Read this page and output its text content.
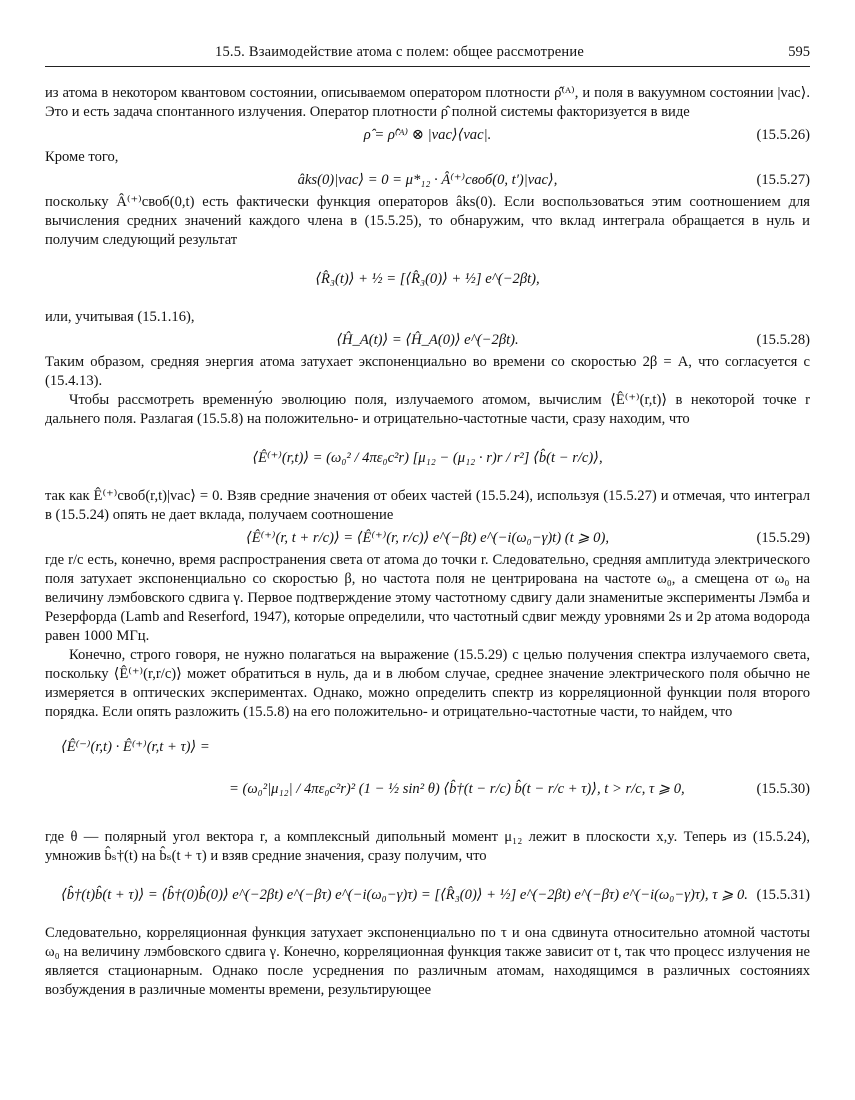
15.5. Взаимодействие атома с полем: общее рассмотрение	595

из атома в некотором квантовом состоянии, описываемом оператором плотности ρ̂⁽ᴬ⁾, и поля в вакуумном состоянии |vac⟩. Это и есть задача спонтанного излучения. Оператор плотности ρ̂ полной системы факторизуется в виде

ρ̂ = ρ̂⁽ᴬ⁾ ⊗ |vac⟩⟨vac|.	(15.5.26)

Кроме того,

âks(0)|vac⟩ = 0 = μ*₁₂ · Â⁽⁺⁾своб(0, t′)|vac⟩,	(15.5.27)

поскольку Â⁽⁺⁾своб(0,t) есть фактически функция операторов âks(0). Если воспользоваться этим соотношением для вычисления средних значений каждого члена в (15.5.25), то обнаружим, что вклад интеграла обращается в нуль и получим следующий результат

⟨R̂₃(t)⟩ + ½ = [⟨R̂₃(0)⟩ + ½] e^(−2βt),

или, учитывая (15.1.16),

⟨Ĥ_A(t)⟩ = ⟨Ĥ_A(0)⟩ e^(−2βt).	(15.5.28)

Таким образом, средняя энергия атома затухает экспоненциально во времени со скоростью 2β = A, что согласуется с (15.4.13).

Чтобы рассмотреть временну́ю эволюцию поля, излучаемого атомом, вычислим ⟨Ê⁽⁺⁾(r,t)⟩ в некоторой точке r дальнего поля. Разлагая (15.5.8) на положительно- и отрицательно-частотные части, сразу находим, что

⟨Ê⁽⁺⁾(r,t)⟩ = (ω₀² / 4πε₀c²r) [μ₁₂ − (μ₁₂ · r)r / r²] ⟨b̂(t − r/c)⟩,

так как Ê⁽⁺⁾своб(r,t)|vac⟩ = 0. Взяв средние значения от обеих частей (15.5.24), используя (15.5.27) и отмечая, что интеграл в (15.5.24) опять не дает вклада, получаем соотношение

⟨Ê⁽⁺⁾(r, t + r/c)⟩ = ⟨Ê⁽⁺⁾(r, r/c)⟩ e^(−βt) e^(−i(ω₀−γ)t) (t ⩾ 0),	(15.5.29)

где r/c есть, конечно, время распространения света от атома до точки r. Следовательно, средняя амплитуда электрического поля затухает экспоненциально со скоростью β, но частота поля не центрирована на частоте ω₀, а смещена от ω₀ на величину лэмбовского сдвига γ. Первое подтверждение этому частотному сдвигу дали знаменитые эксперименты Лэмба и Резерфорда (Lamb and Reserford, 1947), которые определили, что частотный сдвиг между уровнями 2s и 2p атома водорода равен 1000 МГц.

Конечно, строго говоря, не нужно полагаться на выражение (15.5.29) с целью получения спектра излучаемого света, поскольку ⟨Ê⁽⁺⁾(r,r/c)⟩ может обратиться в нуль, да и в любом случае, среднее значение электрического поля обычно не измеряется в оптических экспериментах. Однако, можно определить спектр из корреляционной функции поля второго порядка. Если опять разложить (15.5.8) на его положительно- и отрицательно-частотные части, то найдем, что

⟨Ê⁽⁻⁾(r,t) · Ê⁽⁺⁾(r,t + τ)⟩ =
= (ω₀²|μ₁₂| / 4πε₀c²r)² (1 − ½ sin² θ) ⟨b̂†(t − r/c) b̂(t − r/c + τ)⟩, t > r/c, τ ⩾ 0,	(15.5.30)

где θ — полярный угол вектора r, а комплексный дипольный момент μ₁₂ лежит в плоскости x,y. Теперь из (15.5.24), умножив b̂ₛ†(t) на b̂ₛ(t + τ) и взяв средние значения, сразу получим, что

⟨b̂†(t)b̂(t + τ)⟩ = ⟨b̂†(0)b̂(0)⟩ e^(−2βt) e^(−βτ) e^(−i(ω₀−γ)τ) = [⟨R̂₃(0)⟩ + ½] e^(−2βt) e^(−βτ) e^(−i(ω₀−γ)τ), τ ⩾ 0. (15.5.31)

Следовательно, корреляционная функция затухает экспоненциально по τ и она сдвинута относительно атомной частоты ω₀ на величину лэмбовского сдвига γ. Конечно, корреляционная функция также зависит от t, так что процесс излучения не является стационарным. Однако после усреднения по различным атомам, находящимся в различных состояниях возбуждения в различные моменты времени, результирующее
